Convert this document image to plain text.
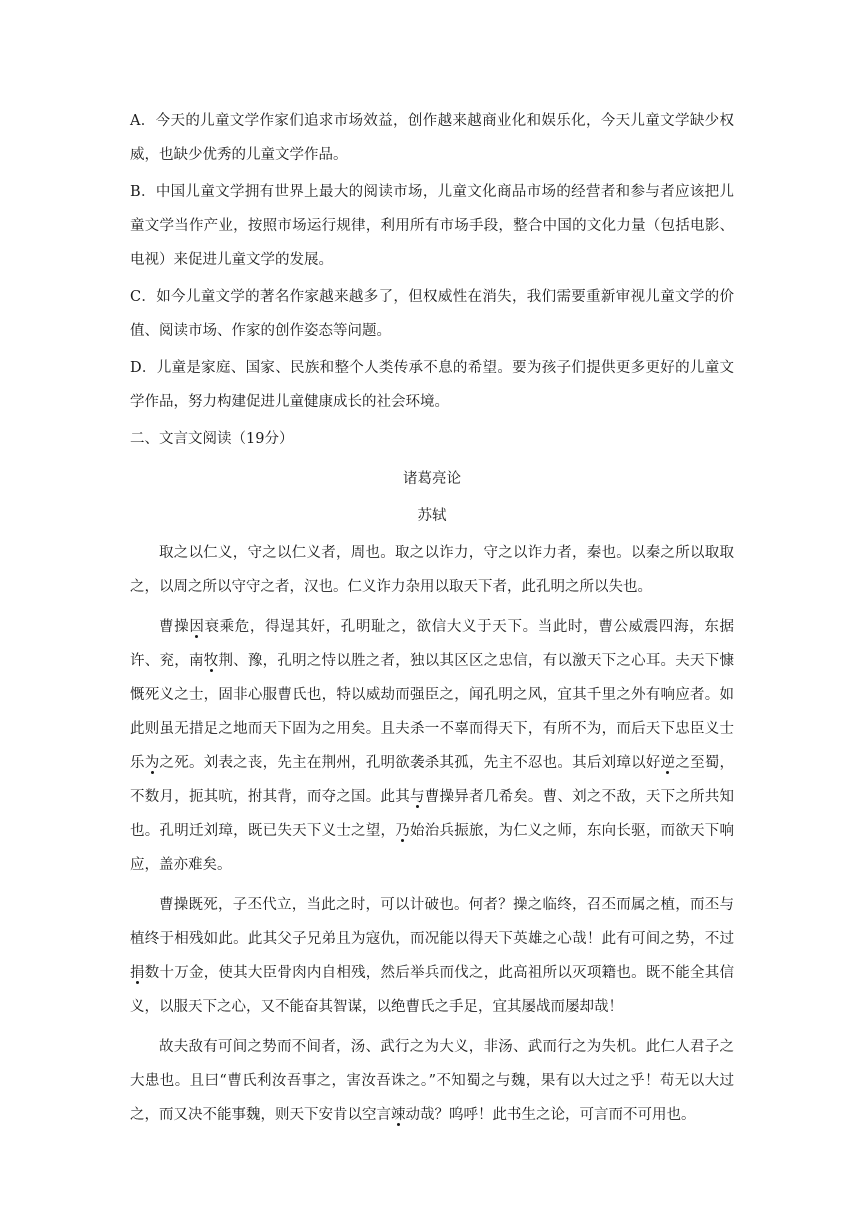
A．今天的儿童文学作家们追求市场效益，创作越来越商业化和娱乐化，今天儿童文学缺少权威，也缺少优秀的儿童文学作品。

B．中国儿童文学拥有世界上最大的阅读市场，儿童文化商品市场的经营者和参与者应该把儿童文学当作产业，按照市场运行规律，利用所有市场手段，整合中国的文化力量（包括电影、电视）来促进儿童文学的发展。

C．如今儿童文学的著名作家越来越多了，但权威性在消失，我们需要重新审视儿童文学的价值、阅读市场、作家的创作姿态等问题。

D．儿童是家庭、国家、民族和整个人类传承不息的希望。要为孩子们提供更多更好的儿童文学作品，努力构建促进儿童健康成长的社会环境。

二、文言文阅读（19分）

诸葛亮论

苏轼

取之以仁义，守之以仁义者，周也。取之以诈力，守之以诈力者，秦也。以秦之所以取取之，以周之所以守守之者，汉也。仁义诈力杂用以取天下者，此孔明之所以失也。

曹操因衰乘危，得逞其奸，孔明耻之，欲信大义于天下。当此时，曹公威震四海，东据许、兖，南牧荆、豫，孔明之恃以胜之者，独以其区区之忠信，有以激天下之心耳。夫天下慷慨死义之士，固非心服曹氏也，特以威劫而强臣之，闻孔明之风，宜其千里之外有响应者。如此则虽无措足之地而天下固为之用矣。且夫杀一不辜而得天下，有所不为，而后天下忠臣义士乐为之死。刘表之丧，先主在荆州，孔明欲袭杀其孤，先主不忍也。其后刘璋以好逆之至蜀，不数月，扼其吭，拊其背，而夺之国。此其与曹操异者几希矣。曹、刘之不敌，天下之所共知也。孔明迁刘璋，既已失天下义士之望，乃始治兵振旅，为仁义之师，东向长驱，而欲天下响应，盖亦难矣。

曹操既死，子丕代立，当此之时，可以计破也。何者？操之临终，召丕而属之植，而丕与植终于相残如此。此其父子兄弟且为寇仇，而况能以得天下英雄之心哉！此有可间之势，不过捐数十万金，使其大臣骨肉内自相残，然后举兵而伐之，此高祖所以灭项籍也。既不能全其信义，以服天下之心，又不能奋其智谋，以绝曹氏之手足，宜其屡战而屡却哉！

故夫敌有可间之势而不间者，汤、武行之为大义，非汤、武而行之为失机。此仁人君子之大患也。且曰“曹氏利汝吾事之，害汝吾诛之。”不知蜀之与魏，果有以大过之乎！苟无以大过之，而又决不能事魏，则天下安肯以空言竦动哉？呜呼！此书生之论，可言而不可用也。
